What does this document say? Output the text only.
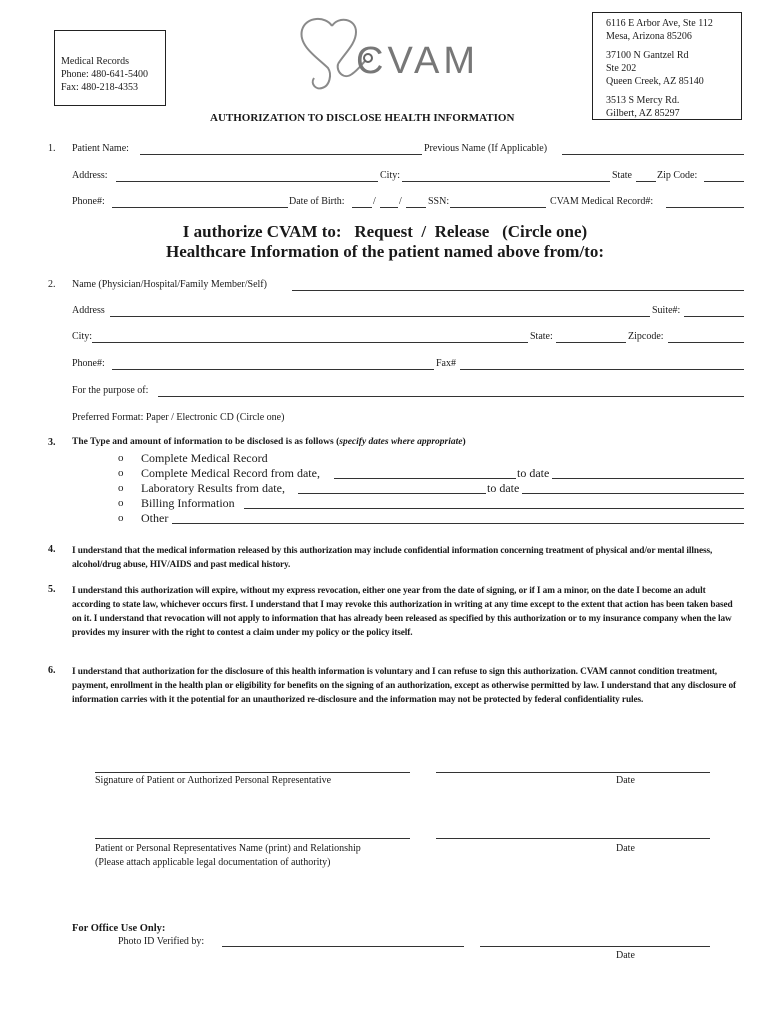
Medical Records
Phone: 480-641-5400
Fax: 480-218-4353
CVAM
6116 E Arbor Ave, Ste 112
Mesa, Arizona 85206
37100 N Gantzel Rd
Ste 202
Queen Creek, AZ 85140
3513 S Mercy Rd.
Gilbert, AZ 85297
AUTHORIZATION TO DISCLOSE HEALTH INFORMATION
1. Patient Name:	Previous Name (If Applicable)
Address:	City:	State	Zip Code:
Phone#:	Date of Birth:	/ /	SSN:	CVAM Medical Record#:
I authorize CVAM to:   Request  /  Release   (Circle one)
Healthcare Information of the patient named above from/to:
2. Name (Physician/Hospital/Family Member/Self)
Address	Suite#:
City:	State:	Zipcode:
Phone#:	Fax#
For the purpose of:
Preferred Format: Paper / Electronic CD (Circle one)
3. The Type and amount of information to be disclosed is as follows (specify dates where appropriate)
o Complete Medical Record
o Complete Medical Record from date,	to date
o Laboratory Results from date,	to date
o Billing Information
o Other
4. I understand that the medical information released by this authorization may include confidential information concerning treatment of physical and/or mental illness, alcohol/drug abuse, HIV/AIDS and past medical history.
5. I understand this authorization will expire, without my express revocation, either one year from the date of signing, or if I am a minor, on the date I become an adult according to state law, whichever occurs first. I understand that I may revoke this authorization in writing at any time except to the extent that action has been taken based on it. I understand that revocation will not apply to information that has already been released as specified by this authorization or to my insurance company when the law provides my insurer with the right to contest a claim under my policy or the policy itself.
6. I understand that authorization for the disclosure of this health information is voluntary and I can refuse to sign this authorization. CVAM cannot condition treatment, payment, enrollment in the health plan or eligibility for benefits on the signing of an authorization, except as otherwise permitted by law. I understand that any disclosure of information carries with it the potential for an unauthorized re-disclosure and the information may not be protected by federal confidentiality rules.
Signature of Patient or Authorized Personal Representative	Date
Patient or Personal Representatives Name (print) and Relationship	Date
(Please attach applicable legal documentation of authority)
For Office Use Only:
Photo ID Verified by:
Date
